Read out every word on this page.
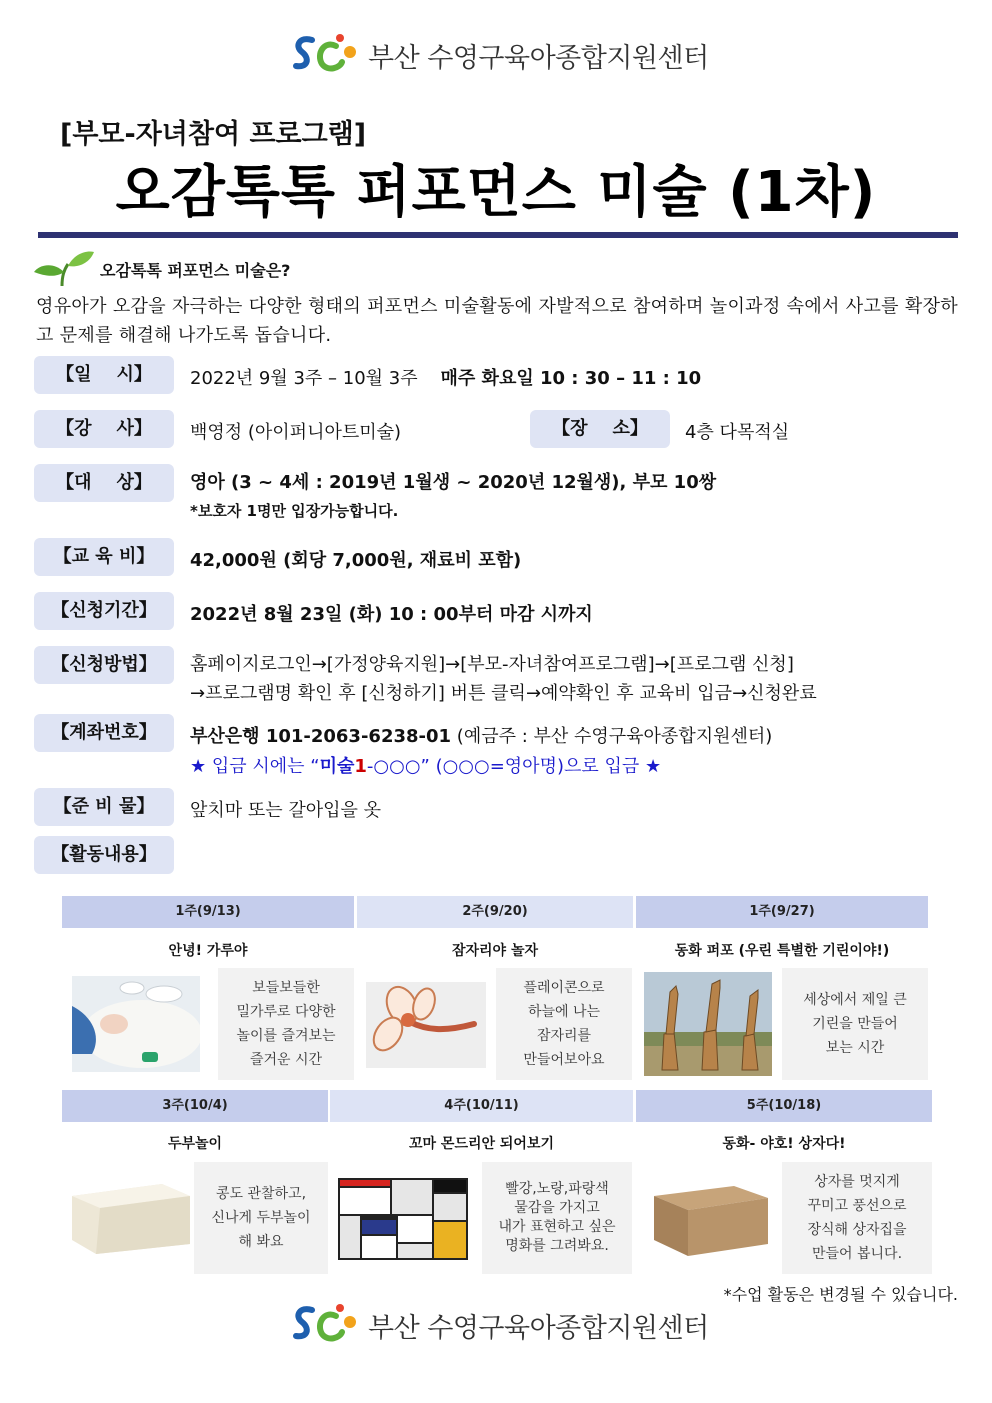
부산 수영구육아종합지원센터
[부모-자녀참여 프로그램]
오감톡톡 퍼포먼스 미술 (1차)
오감톡톡 퍼포먼스 미술은?
영유아가 오감을 자극하는 다양한 형태의 퍼포먼스 미술활동에 자발적으로 참여하며 놀이과정 속에서 사고를 확장하고 문제를 해결해 나가도록 돕습니다.
【일    시】	2022년 9월 3주 – 10월 3주 매주 화요일 10 : 30 – 11 : 10
【강    사】	백영정 (아이퍼니아트미술)	【장    소】	4층 다목적실
【대    상】	영아 (3 ~ 4세 : 2019년 1월생 ~ 2020년 12월생), 부모 10쌍
*보호자 1명만 입장가능합니다.
【교 육 비】	42,000원 (회당 7,000원, 재료비 포함)
【신청기간】	2022년 8월 23일 (화) 10 : 00부터 마감 시까지
【신청방법】	홈페이지로그인→[가정양육지원]→[부모-자녀참여프로그램]→[프로그램 신청]
→프로그램명 확인 후 [신청하기] 버튼 클릭→예약확인 후 교육비 입금→신청완료
【계좌번호】	부산은행 101-2063-6238-01 (예금주 : 부산 수영구육아종합지원센터)
★ 입금 시에는 “미술1-○○○” (○○○=영아명)으로 입금 ★
【준 비 물】	앞치마 또는 갈아입을 옷
【활동내용】
1주(9/13)	2주(9/20)	1주(9/27)
안녕! 가루야	잠자리야 놀자	동화 퍼포 (우린 특별한 기린이야!)
보들보들한
밀가루로 다양한
놀이를 즐겨보는
즐거운 시간
플레이콘으로
하늘에 나는
잠자리를
만들어보아요
세상에서 제일 큰
기린을 만들어
보는 시간
3주(10/4)	4주(10/11)	5주(10/18)
두부놀이	꼬마 몬드리안 되어보기	동화- 야호! 상자다!
콩도 관찰하고,
신나게 두부놀이
해 봐요
빨강,노랑,파랑색
물감을 가지고
내가 표현하고 싶은
명화를 그려봐요.
상자를 멋지게
꾸미고 풍선으로
장식해 상자집을
만들어 봅니다.
*수업 활동은 변경될 수 있습니다.
부산 수영구육아종합지원센터
